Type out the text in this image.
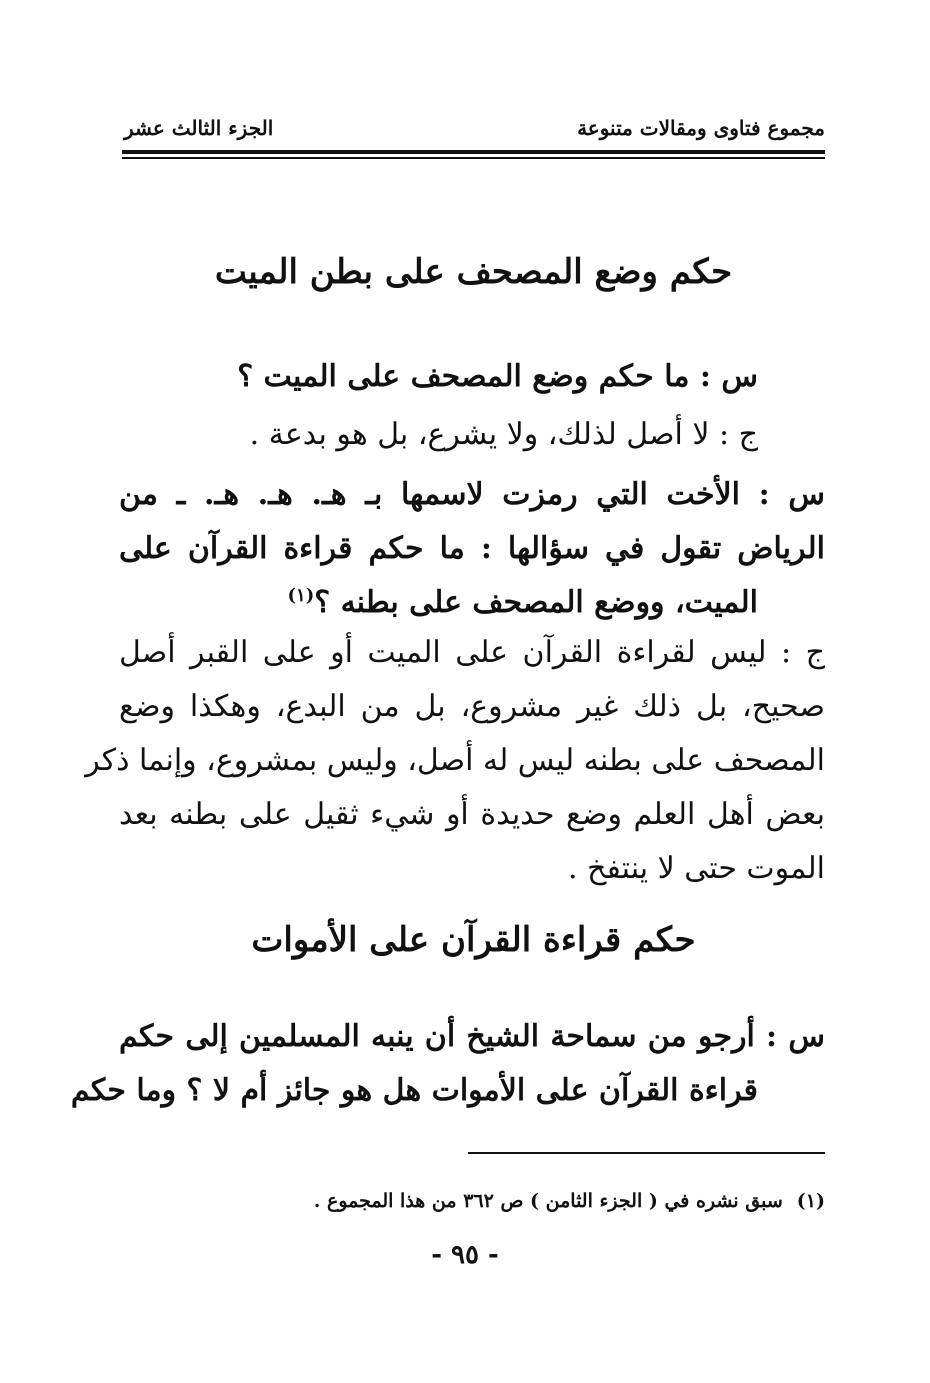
مجموع فتاوى ومقالات متنوعة
الجزء الثالث عشر
حكم وضع المصحف على بطن الميت
س : ما حكم وضع المصحف على الميت ؟
ج : لا أصل لذلك، ولا يشرع، بل هو بدعة .
س : الأخت التي رمزت لاسمها بـ هـ. هـ. هـ. ـ من
الرياض تقول في سؤالها : ما حكم قراءة القرآن على
الميت، ووضع المصحف على بطنه ؟$^{(١)}$
ج : ليس لقراءة القرآن على الميت أو على القبر أصل
صحيح، بل ذلك غير مشروع، بل من البدع، وهكذا وضع
المصحف على بطنه ليس له أصل، وليس بمشروع، وإنما ذكر
بعض أهل العلم وضع حديدة أو شيء ثقيل على بطنه بعد
الموت حتى لا ينتفخ .
حكم قراءة القرآن على الأموات
س : أرجو من سماحة الشيخ أن ينبه المسلمين إلى حكم
قراءة القرآن على الأموات هل هو جائز أم لا ؟ وما حكم
(١)سبق نشره في ( الجزء الثامن ) ص ٣٦٢ من هذا المجموع .
- ٩٥ -
